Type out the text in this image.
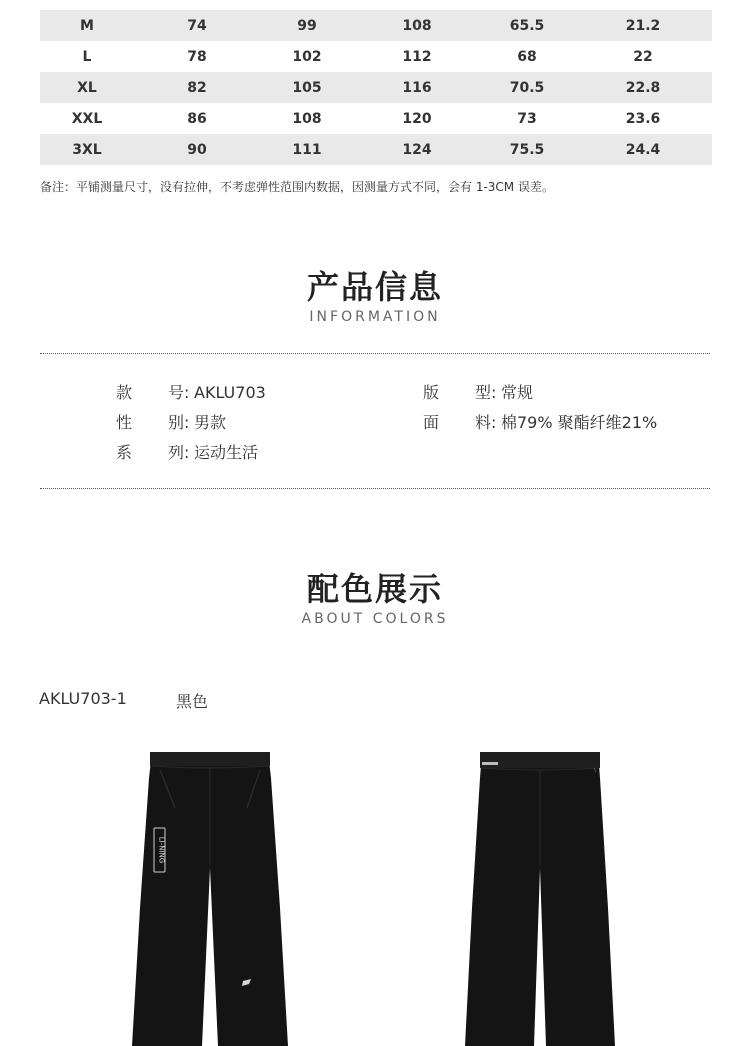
M	74	99	108	65.5	21.2
L	78	102	112	68	22
XL	82	105	116	70.5	22.8
XXL	86	108	120	73	23.6
3XL	90	111	124	75.5	24.4
备注：平铺测量尺寸，没有拉伸，不考虑弹性范围内数据，因测量方式不同，会有 1-3CM 误差。
产品信息
INFORMATION
款号: AKLU703
性别: 男款
系列: 运动生活
版型: 常规
面料: 棉79% 聚酯纤维21%
配色展示
ABOUT COLORS
AKLU703-1	黑色
LI-NING
